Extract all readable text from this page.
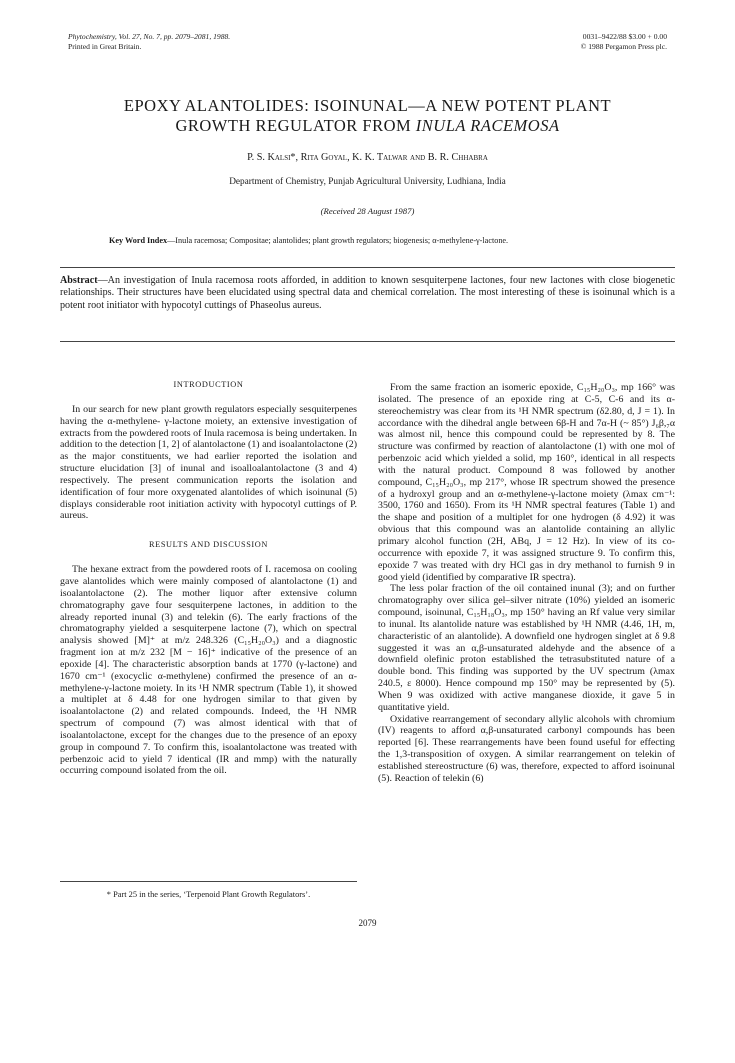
Phytochemistry, Vol. 27, No. 7, pp. 2079–2081, 1988.
Printed in Great Britain.
0031–9422/88 $3.00 + 0.00
© 1988 Pergamon Press plc.
EPOXY ALANTOLIDES: ISOINUNAL—A NEW POTENT PLANT
GROWTH REGULATOR FROM INULA RACEMOSA
P. S. Kalsi*, Rita Goyal, K. K. Talwar and B. R. Chhabra
Department of Chemistry, Punjab Agricultural University, Ludhiana, India
(Received 28 August 1987)
Key Word Index—Inula racemosa; Compositae; alantolides; plant growth regulators; biogenesis; α-methylene-γ-lactone.
Abstract—An investigation of Inula racemosa roots afforded, in addition to known sesquiterpene lactones, four new lactones with close biogenetic relationships. Their structures have been elucidated using spectral data and chemical correlation. The most interesting of these is isoinunal which is a potent root initiator with hypocotyl cuttings of Phaseolus aureus.
INTRODUCTION

In our search for new plant growth regulators especially sesquiterpenes having the α-methylene- γ-lactone moiety, an extensive investigation of extracts from the powdered roots of Inula racemosa is being undertaken. In addition to the detection [1, 2] of alantolactone (1) and isoalantolactone (2) as the major constituents, we had earlier reported the isolation and structure elucidation [3] of inunal and isoalloalantolactone (3 and 4) respectively. The present communication reports the isolation and identification of four more oxygenated alantolides of which isoinunal (5) displays considerable root initiation activity with hypocotyl cuttings of P. aureus.

RESULTS AND DISCUSSION

The hexane extract from the powdered roots of I. racemosa on cooling gave alantolides which were mainly composed of alantolactone (1) and isoalantolactone (2). The mother liquor after extensive column chromatography gave four sesquiterpene lactones, in addition to the already reported inunal (3) and telekin (6). The early fractions of the chromatography yielded a sesquiterpene lactone (7), which on spectral analysis showed [M]⁺ at m/z 248.326 (C₁₅H₂₀O₃) and a diagnostic fragment ion at m/z 232 [M − 16]⁺ indicative of the presence of an epoxide [4]. The characteristic absorption bands at 1770 (γ-lactone) and 1670 cm⁻¹ (exocyclic α-methylene) confirmed the presence of an α-methylene-γ-lactone moiety. In its ¹H NMR spectrum (Table 1), it showed a multiplet at δ 4.48 for one hydrogen similar to that given by isoalantolactone (2) and related compounds. Indeed, the ¹H NMR spectrum of compound (7) was almost identical with that of isoalantolactone, except for the changes due to the presence of an epoxy group in compound 7. To confirm this, isoalantolactone was treated with perbenzoic acid to yield 7 identical (IR and mmp) with the naturally occurring compound isolated from the oil.

From the same fraction an isomeric epoxide, C₁₅H₂₀O₃, mp 166° was isolated. The presence of an epoxide ring at C-5, C-6 and its α-stereochemistry was clear from its ¹H NMR spectrum (δ2.80, d, J = 1). In accordance with the dihedral angle between 6β-H and 7α-H (~ 85°) J₆β,₇α was almost nil, hence this compound could be represented by 8. The structure was confirmed by reaction of alantolactone (1) with one mol of perbenzoic acid which yielded a solid, mp 160°, identical in all respects with the natural product. Compound 8 was followed by another compound, C₁₅H₂₀O₃, mp 217°, whose IR spectrum showed the presence of a hydroxyl group and an α-methylene-γ-lactone moiety (λmax cm⁻¹: 3500, 1760 and 1650). From its ¹H NMR spectral features (Table 1) and the shape and position of a multiplet for one hydrogen (δ 4.92) it was obvious that this compound was an alantolide containing an allylic primary alcohol function (2H, ABq, J = 12 Hz). In view of its co-occurrence with epoxide 7, it was assigned structure 9. To confirm this, epoxide 7 was treated with dry HCl gas in dry methanol to furnish 9 in good yield (identified by comparative IR spectra).

The less polar fraction of the oil contained inunal (3); and on further chromatography over silica gel–silver nitrate (10%) yielded an isomeric compound, isoinunal, C₁₅H₁₈O₃, mp 150° having an Rf value very similar to inunal. Its alantolide nature was established by ¹H NMR (4.46, 1H, m, characteristic of an alantolide). A downfield one hydrogen singlet at δ 9.8 suggested it was an α,β-unsaturated aldehyde and the absence of a downfield olefinic proton established the tetrasubstituted nature of a double bond. This finding was supported by the UV spectrum (λmax 240.5, ε 8000). Hence compound mp 150° may be represented by (5). When 9 was oxidized with active manganese dioxide, it gave 5 in quantitative yield.

Oxidative rearrangement of secondary allylic alcohols with chromium (IV) reagents to afford α,β-unsaturated carbonyl compounds has been reported [6]. These rearrangements have been found useful for effecting the 1,3-transposition of oxygen. A similar rearrangement on telekin of established stereostructure (6) was, therefore, expected to afford isoinunal (5). Reaction of telekin (6)

* Part 25 in the series, ‘Terpenoid Plant Growth Regulators’.
2079
